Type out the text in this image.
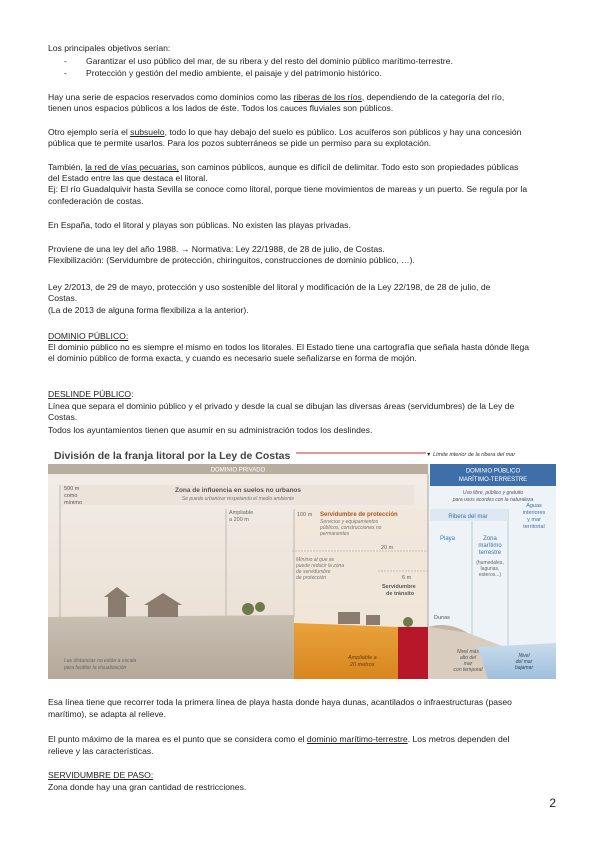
Los principales objetivos serían:
- Garantizar el uso público del mar, de su ribera y del resto del dominio público marítimo-terrestre.
- Protección y gestión del medio ambiente, el paisaje y del patrimonio histórico.
Hay una serie de espacios reservados como dominios como las riberas de los ríos, dependiendo de la categoría del río,
tienen unos espacios públicos a los lados de éste. Todos los cauces fluviales son públicos.
Otro ejemplo sería el subsuelo, todo lo que hay debajo del suelo es público. Los acuíferos son públicos y hay una concesión
pública que te permite usarlos. Para los pozos subterráneos se pide un permiso para su explotación.
También, la red de vías pecuarias, son caminos públicos, aunque es difícil de delimitar. Todo esto son propiedades públicas
del Estado entre las que destaca el litoral.
Ej: El río Guadalquivir hasta Sevilla se conoce como litoral, porque tiene movimientos de mareas y un puerto. Se regula por la
confederación de costas.
En España, todo el litoral y playas son públicas. No existen las playas privadas.
Proviene de una ley del año 1988. → Normativa: Ley 22/1988, de 28 de julio, de Costas.
Flexibilización: (Servidumbre de protección, chiringuitos, construcciones de dominio público, …).
Ley 2/2013, de 29 de mayo, protección y uso sostenible del litoral y modificación de la Ley 22/198, de 28 de julio, de
Costas.
(La de 2013 de alguna forma flexibiliza a la anterior).
DOMINIO PÚBLICO:
El dominio público no es siempre el mismo en todos los litorales. El Estado tiene una cartografía que señala hasta dónde llega
el dominio público de forma exacta, y cuando es necesario suele señalizarse en forma de mojón.
DESLINDE PÚBLICO:
Línea que separa el dominio público y el privado y desde la cual se dibujan las diversas áreas (servidumbres) de la Ley de
Costas.
Todos los ayuntamientos tienen que asumir en su administración todos los deslindes.
División de la franja litoral por la Ley de Costas	▼ Límite interior de la ribera del mar
DOMINIO PRIVADO	DOMINIO PÚBLICO
MARÍTIMO-TERRESTRE
Uso libre, público y gratuito
para usos acordes con la naturaleza
Zona de influencia en suelos no urbanos
Se puede urbanizar respetando el medio ambiente
500 m
como
mínimo
Ampliable
a 200 m
100 m Servidumbre de protección
Servicios y equipamientos
públicos, construcciones no
permanentes
20 m
Mínimo al que se
puede reducir la zona
de servidumbre
de protección	6 m
Servidumbre
de tránsito
Ribera del mar
Playa	Zona
marítimo
terrestre
(humedales,
lagunas,
esteros...)
Aguas
interiores
y mar
territorial
Dunas
Ampliable a
20 metros
Nivel más
alto del
mar
con temporal
Nivel
del mar
bajamar
Las distancias no están a escala
para facilitar la visualización
Esa línea tiene que recorrer toda la primera línea de playa hasta donde haya dunas, acantilados o infraestructuras (paseo
marítimo), se adapta al relieve.
El punto máximo de la marea es el punto que se considera como el dominio marítimo-terrestre. Los metros dependen del
relieve y las características.
SERVIDUMBRE DE PASO:
Zona donde hay una gran cantidad de restricciones.
2
